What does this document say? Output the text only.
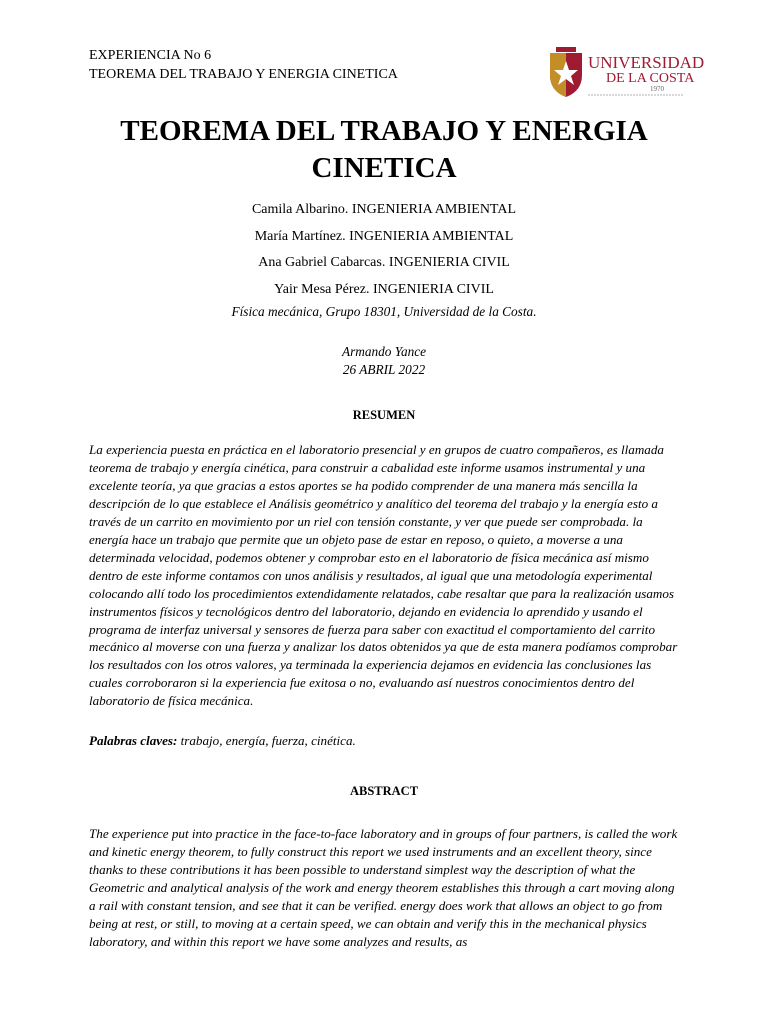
EXPERIENCIA No 6
TEOREMA DEL TRABAJO Y ENERGIA CINETICA
UNIVERSIDAD
DE LA COSTA
1970
TEOREMA DEL TRABAJO Y ENERGIA
CINETICA
Camila Albarino. INGENIERIA AMBIENTAL
María Martínez. INGENIERIA AMBIENTAL
Ana Gabriel Cabarcas. INGENIERIA CIVIL
Yair Mesa Pérez. INGENIERIA CIVIL
Física mecánica, Grupo 18301, Universidad de la Costa.
Armando Yance
26 ABRIL 2022
RESUMEN

La experiencia puesta en práctica en el laboratorio presencial y en grupos de cuatro compañeros, es llamada teorema de trabajo y energía cinética, para construir a cabalidad este informe usamos instrumental y una excelente teoría, ya que gracias a estos aportes se ha podido comprender de una manera más sencilla la descripción de lo que establece el Análisis geométrico y analítico del teorema del trabajo y la energía esto a través de un carrito en movimiento por un riel con tensión constante, y ver que puede ser comprobada. la energía hace un trabajo que permite que un objeto pase de estar en reposo, o quieto, a moverse a una determinada velocidad, podemos obtener y comprobar esto en el laboratorio de física mecánica así mismo dentro de este informe contamos con unos análisis y resultados, al igual que una metodología experimental colocando allí todo los procedimientos extendidamente relatados, cabe resaltar que para la realización usamos instrumentos físicos y tecnológicos dentro del laboratorio, dejando en evidencia lo aprendido y usando el programa de interfaz universal y sensores de fuerza para saber con exactitud el comportamiento del carrito mecánico al moverse con una fuerza y analizar los datos obtenidos ya que de esta manera podíamos comprobar los resultados con los otros valores, ya terminada la experiencia dejamos en evidencia las conclusiones las cuales corroboraron si la experiencia fue exitosa o no, evaluando así nuestros conocimientos dentro del laboratorio de física mecánica.

Palabras claves: trabajo, energía, fuerza, cinética.
ABSTRACT

The experience put into practice in the face-to-face laboratory and in groups of four partners, is called the work and kinetic energy theorem, to fully construct this report we used instruments and an excellent theory, since thanks to these contributions it has been possible to understand simplest way the description of what the Geometric and analytical analysis of the work and energy theorem establishes this through a cart moving along a rail with constant tension, and see that it can be verified. energy does work that allows an object to go from being at rest, or still, to moving at a certain speed, we can obtain and verify this in the mechanical physics laboratory, and within this report we have some analyzes and results, as
